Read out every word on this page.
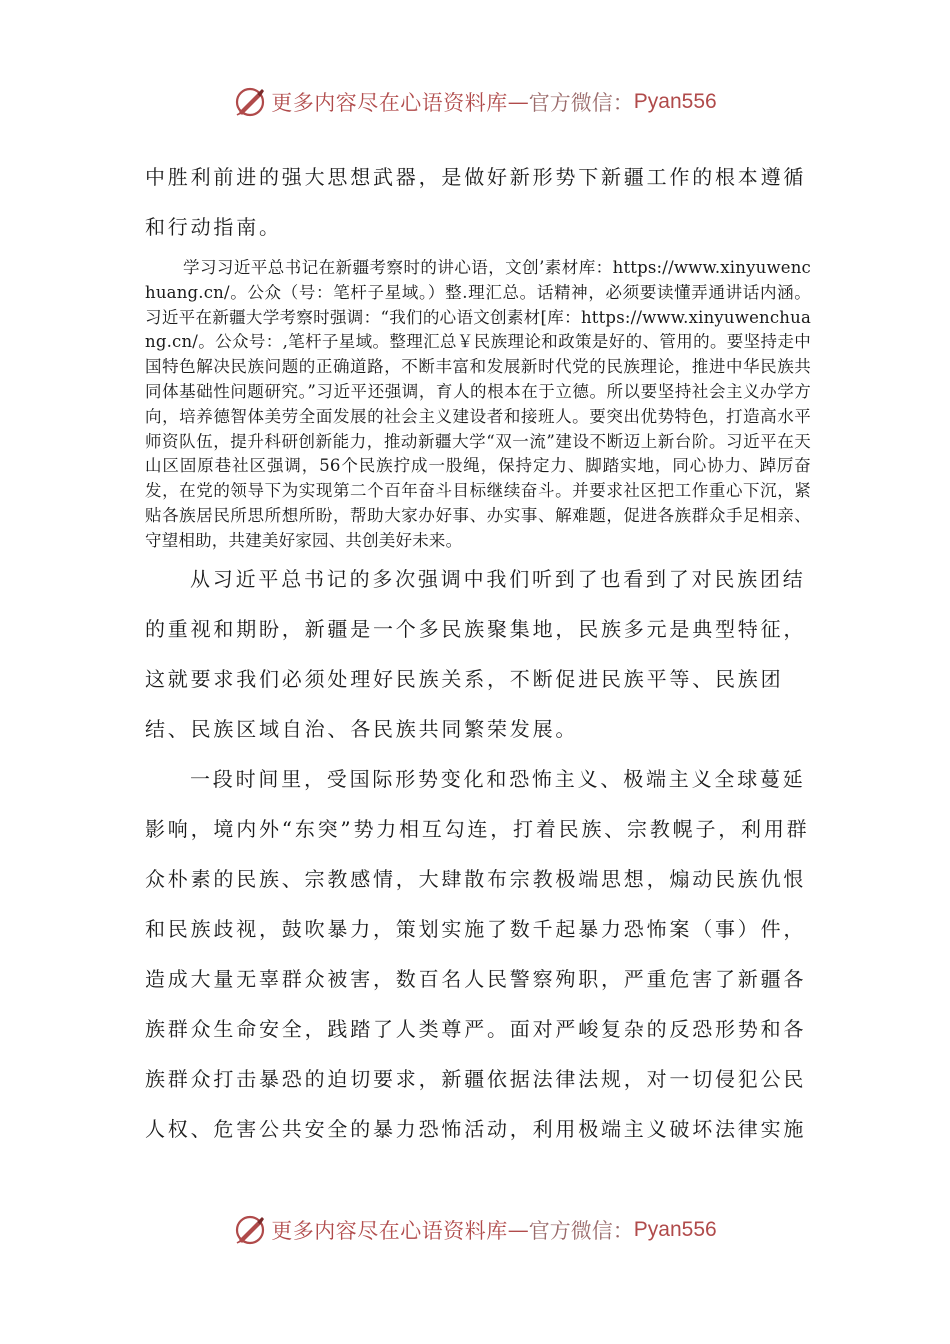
更多内容尽在心语资料库 — 官方微信： Pyan556

中胜利前进的强大思想武器，是做好新形势下新疆工作的根本遵循和行动指南。

学习习近平总书记在新疆考察时的讲心语，文创’素材库：https://www.xinyuwenchuang.cn/。公众（号：笔杆子星域。）整.理汇总。话精神，必须要读懂弄通讲话内涵。习近平在新疆大学考察时强调：“我们的心语文创素材[库：https://www.xinyuwenchuang.cn/。公众号：,笔杆子星域。整理汇总￥民族理论和政策是好的、管用的。要坚持走中国特色解决民族问题的正确道路，不断丰富和发展新时代党的民族理论，推进中华民族共同体基础性问题研究。”习近平还强调，育人的根本在于立德。所以要坚持社会主义办学方向，培养德智体美劳全面发展的社会主义建设者和接班人。要突出优势特色，打造高水平师资队伍，提升科研创新能力，推动新疆大学“双一流”建设不断迈上新台阶。习近平在天山区固原巷社区强调，56个民族拧成一股绳，保持定力、脚踏实地，同心协力、踔厉奋发，在党的领导下为实现第二个百年奋斗目标继续奋斗。并要求社区把工作重心下沉，紧贴各族居民所思所想所盼，帮助大家办好事、办实事、解难题，促进各族群众手足相亲、守望相助，共建美好家园、共创美好未来。

从习近平总书记的多次强调中我们听到了也看到了对民族团结的重视和期盼，新疆是一个多民族聚集地，民族多元是典型特征，这就要求我们必须处理好民族关系，不断促进民族平等、民族团结、民族区域自治、各民族共同繁荣发展。

一段时间里，受国际形势变化和恐怖主义、极端主义全球蔓延影响，境内外“东突”势力相互勾连，打着民族、宗教幌子，利用群众朴素的民族、宗教感情，大肆散布宗教极端思想，煽动民族仇恨和民族歧视，鼓吹暴力，策划实施了数千起暴力恐怖案（事）件，造成大量无辜群众被害，数百名人民警察殉职，严重危害了新疆各族群众生命安全，践踏了人类尊严。面对严峻复杂的反恐形势和各族群众打击暴恐的迫切要求，新疆依据法律法规，对一切侵犯公民人权、危害公共安全的暴力恐怖活动，利用极端主义破坏法律实施

更多内容尽在心语资料库 — 官方微信： Pyan556
